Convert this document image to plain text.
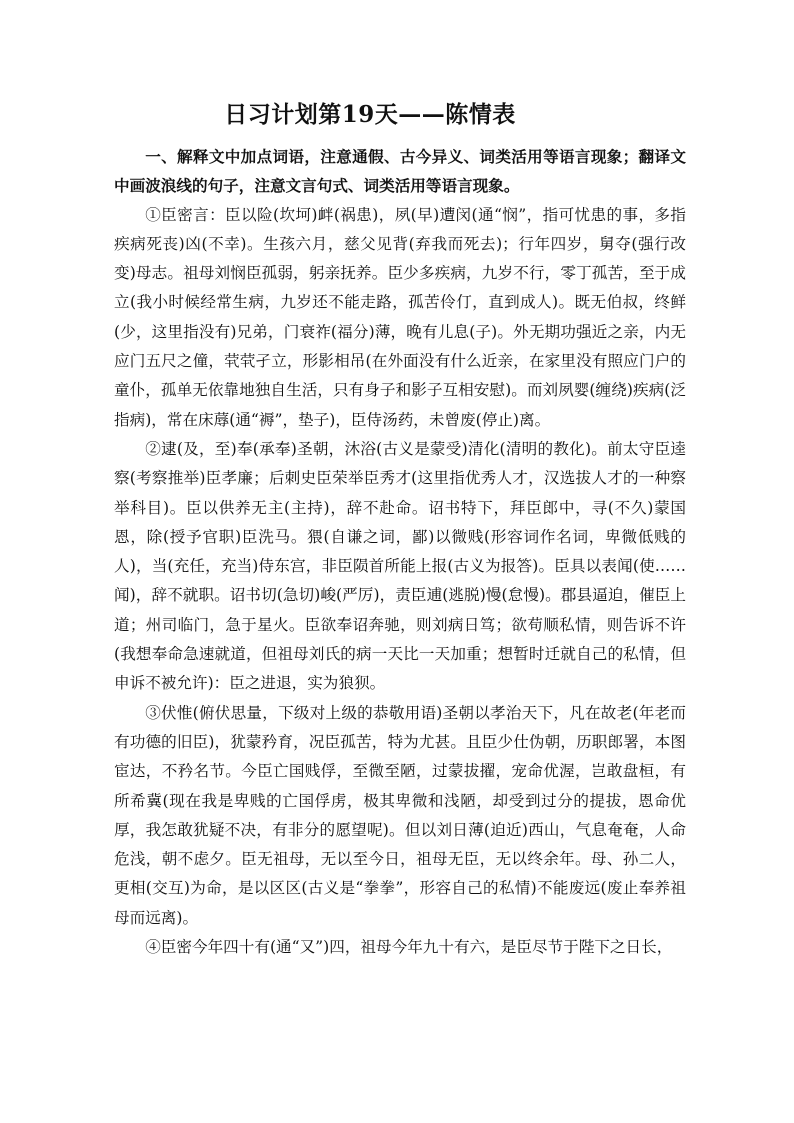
日习计划第19天——陈情表

一、解释文中加点词语，注意通假、古今异义、词类活用等语言现象；翻译文中画波浪线的句子，注意文言句式、词类活用等语言现象。

①臣密言：臣以险(坎坷)衅(祸患)，夙(早)遭闵(通“悯”，指可忧患的事，多指疾病死丧)凶(不幸)。生孩六月，慈父见背(弃我而死去)；行年四岁，舅夺(强行改变)母志。祖母刘悯臣孤弱，躬亲抚养。臣少多疾病，九岁不行，零丁孤苦，至于成立(我小时候经常生病，九岁还不能走路，孤苦伶仃，直到成人)。既无伯叔，终鲜(少，这里指没有)兄弟，门衰祚(福分)薄，晚有儿息(子)。外无期功强近之亲，内无应门五尺之僮，茕茕孑立，形影相吊(在外面没有什么近亲，在家里没有照应门户的童仆，孤单无依靠地独自生活，只有身子和影子互相安慰)。而刘夙婴(缠绕)疾病(泛指病)，常在床蓐(通“褥”，垫子)，臣侍汤药，未曾废(停止)离。

②逮(及，至)奉(承奉)圣朝，沐浴(古义是蒙受)清化(清明的教化)。前太守臣逵察(考察推举)臣孝廉；后刺史臣荣举臣秀才(这里指优秀人才，汉选拔人才的一种察举科目)。臣以供养无主(主持)，辞不赴命。诏书特下，拜臣郎中，寻(不久)蒙国恩，除(授予官职)臣洗马。猥(自谦之词，鄙)以微贱(形容词作名词，卑微低贱的人)，当(充任，充当)侍东宫，非臣陨首所能上报(古义为报答)。臣具以表闻(使……闻)，辞不就职。诏书切(急切)峻(严厉)，责臣逋(逃脱)慢(怠慢)。郡县逼迫，催臣上道；州司临门，急于星火。臣欲奉诏奔驰，则刘病日笃；欲苟顺私情，则告诉不许(我想奉命急速就道，但祖母刘氏的病一天比一天加重；想暂时迁就自己的私情，但申诉不被允许)：臣之进退，实为狼狈。

③伏惟(俯伏思量，下级对上级的恭敬用语)圣朝以孝治天下，凡在故老(年老而有功德的旧臣)，犹蒙矜育，况臣孤苦，特为尤甚。且臣少仕伪朝，历职郎署，本图宦达，不矜名节。今臣亡国贱俘，至微至陋，过蒙拔擢，宠命优渥，岂敢盘桓，有所希冀(现在我是卑贱的亡国俘虏，极其卑微和浅陋，却受到过分的提拔，恩命优厚，我怎敢犹疑不决，有非分的愿望呢)。但以刘日薄(迫近)西山，气息奄奄，人命危浅，朝不虑夕。臣无祖母，无以至今日，祖母无臣，无以终余年。母、孙二人，更相(交互)为命，是以区区(古义是“拳拳”，形容自己的私情)不能废远(废止奉养祖母而远离)。

④臣密今年四十有(通“又”)四，祖母今年九十有六，是臣尽节于陛下之日长，
